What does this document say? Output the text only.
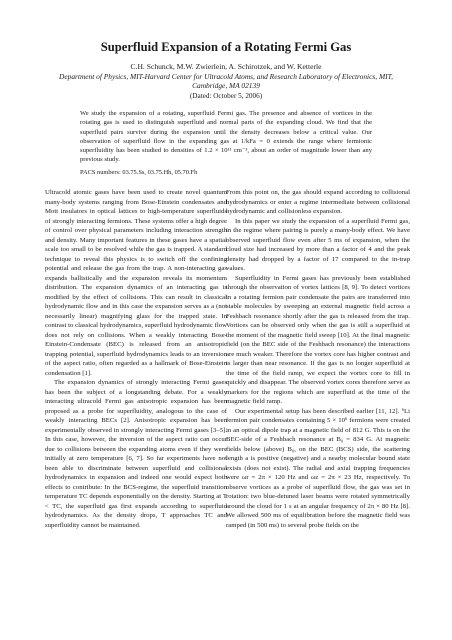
Superfluid Expansion of a Rotating Fermi Gas
C.H. Schunck, M.W. Zwierlein, A. Schirotzek, and W. Ketterle
Department of Physics, MIT-Harvard Center for Ultracold Atoms, and Research Laboratory of Electronics, MIT, Cambridge, MA 02139
(Dated: October 5, 2006)
We study the expansion of a rotating, superfluid Fermi gas. The presence and absence of vortices in the rotating gas is used to distinguish superfluid and normal parts of the expanding cloud. We find that the superfluid pairs survive during the expansion until the density decreases below a critical value. Our observation of superfluid flow in the expanding gas at 1/kFa = 0 extends the range where fermionic superfluidity has been studied to densities of 1.2 × 10¹¹ cm⁻³, about an order of magnitude lower than any previous study.
PACS numbers: 03.75.Ss, 03.75.Hh, 05.70.Fh

Ultracold atomic gases have been used to create novel quantum many-body systems ranging from Bose-Einstein condensates and Mott insulators in optical lattices to high-temperature superfluids of strongly interacting fermions. These systems offer a high degree of control over physical parameters including interaction strength and density. Many important features in these gases have a spatial scale too small to be resolved while the gas is trapped. A standard technique to reveal this physics is to switch off the confining potential and release the gas from the trap. A non-interacting gas expands ballistically and the expansion reveals its momentum distribution. The expansion dynamics of an interacting gas is modified by the effect of collisions. This can result in classical hydrodynamic flow and in this case the expansion serves as a (not necessarily linear) magnifying glass for the trapped state. In contrast to classical hydrodynamics, superfluid hydrodynamic flow does not rely on collisions. When a weakly interacting Bose-Einstein-Condensate (BEC) is released from an anisotropic trapping potential, superfluid hydrodynamics leads to an inversion of the aspect ratio, often regarded as a hallmark of Bose-Einstein condensation [1].

The expansion dynamics of strongly interacting Fermi gases has been the subject of a longstanding debate. For a weakly interacting ultracold Fermi gas anisotropic expansion has been proposed as a probe for superfluidity, analogous to the case of weakly interacting BECs [2]. Anisotropic expansion has been experimentally observed in strongly interacting Fermi gases [3–5]. In this case, however, the inversion of the aspect ratio can occur due to collisions between the expanding atoms even if they were initially at zero temperature [6, 7]. So far experiments have not been able to discriminate between superfluid and collisional hydrodynamics in expansion and indeed one would expect both effects to contribute: In the BCS-regime, the superfluid transition temperature TC depends exponentially on the density. Starting at T < TC, the superfluid gas first expands according to superfluid hydrodynamics. As the density drops, T approaches TC and superfluidity cannot be maintained.

From this point on, the gas should expand according to collisional hydrodynamics or enter a regime intermediate between collisional hydrodynamic and collisionless expansion.

In this paper we study the expansion of a superfluid Fermi gas, in the regime where pairing is purely a many-body effect. We have observed superfluid flow even after 5 ms of expansion, when the cloud size had increased by more than a factor of 4 and the peak density had dropped by a factor of 17 compared to the in-trap values.

Superfluidity in Fermi gases has previously been established through the observation of vortex lattices [8, 9]. To detect vortices in a rotating fermion pair condensate the pairs are transferred into stable molecules by sweeping an external magnetic field across a Feshbach resonance shortly after the gas is released from the trap. Vortices can be observed only when the gas is still a superfluid at the moment of the magnetic field sweep [10]. At the final magnetic field (on the BEC side of the Feshbach resonance) the interactions are much weaker. Therefore the vortex core has higher contrast and is larger than near resonance. If the gas is no longer superfluid at the time of the field ramp, we expect the vortex core to fill in quickly and disappear. The observed vortex cores therefore serve as markers for the regions which are superfluid at the time of the magnetic field ramp.

Our experimental setup has been described earlier [11, 12]. ⁶Li fermion pair condensates containing 5 × 10⁶ fermions were created in an optical dipole trap at a magnetic field of 812 G. This is on the BEC-side of a Feshbach resonance at B₀ = 834 G. At magnetic fields below (above) B₀, on the BEC (BCS) side, the scattering length a is positive (negative) and a nearby molecular bound state exists (does not exist). The radial and axial trapping frequencies were ωr = 2π × 120 Hz and ωz = 2π × 23 Hz, respectively. To observe vortices as a probe of superfluid flow, the gas was set in rotation: two blue-detuned laser beams were rotated symmetrically around the cloud for 1 s at an angular frequency of 2π × 80 Hz [8]. We allowed 500 ms of equilibration before the magnetic field was ramped (in 500 ms) to several probe fields on the
